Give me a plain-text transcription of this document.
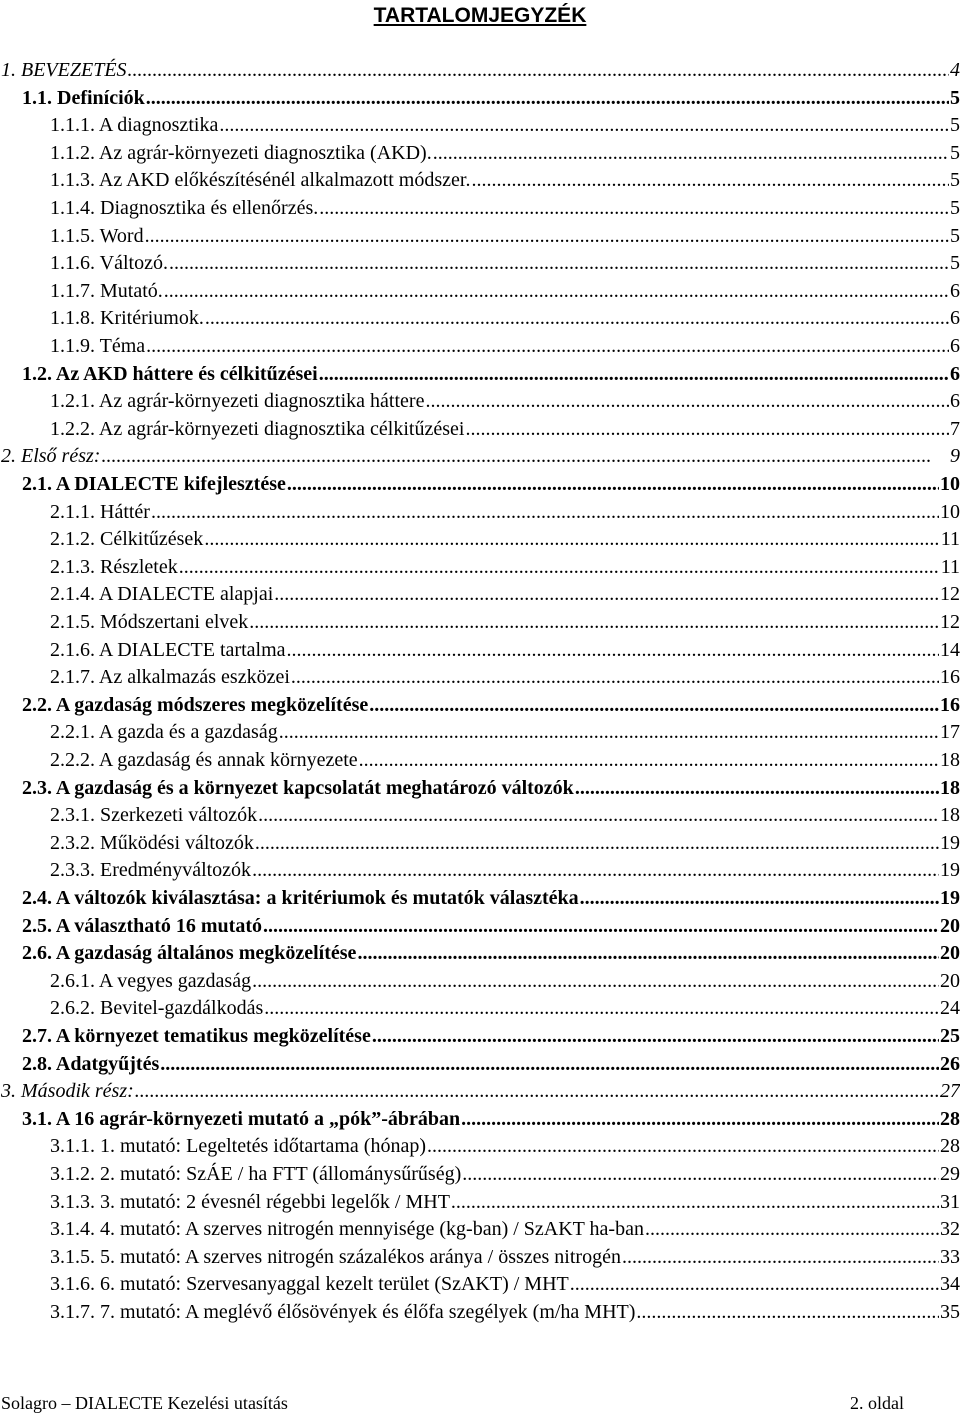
TARTALOMJEGYZÉK
1. BEVEZETÉS . . .	4
1.1. Definíciók . . .	5
1.1.1. A diagnosztika . . .	5
1.1.2. Az agrár-környezeti diagnosztika (AKD). . . .	5
1.1.3. Az AKD előkészítésénél alkalmazott módszer. . . .	5
1.1.4. Diagnosztika és ellenőrzés. . . .	5
1.1.5. Word . . .	5
1.1.6. Változó. . . .	5
1.1.7. Mutató. . . .	6
1.1.8. Kritériumok. . . .	6
1.1.9. Téma . . .	6
1.2. Az AKD háttere és célkitűzései . . .	6
1.2.1. Az agrár-környezeti diagnosztika háttere . . .	6
1.2.2. Az agrár-környezeti diagnosztika célkitűzései . . .	7
2. Első rész: . . .	9
2.1. A DIALECTE kifejlesztése . . .	10
2.1.1. Háttér . . .	10
2.1.2. Célkitűzések . . .	11
2.1.3. Részletek . . .	11
2.1.4. A DIALECTE alapjai . . .	12
2.1.5. Módszertani elvek . . .	12
2.1.6. A DIALECTE tartalma . . .	14
2.1.7. Az alkalmazás eszközei . . .	16
2.2. A gazdaság módszeres megközelítése . . .	16
2.2.1. A gazda és a gazdaság . . .	17
2.2.2. A gazdaság és annak környezete . . .	18
2.3. A gazdaság és a környezet kapcsolatát meghatározó változók . . .	18
2.3.1. Szerkezeti változók . . .	18
2.3.2. Működési változók . . .	19
2.3.3. Eredményváltozók . . .	19
2.4. A változók kiválasztása: a kritériumok és mutatók választéka . . .	19
2.5. A választható 16 mutató . . .	20
2.6. A gazdaság általános megközelítése . . .	20
2.6.1. A vegyes gazdaság . . .	20
2.6.2. Bevitel-gazdálkodás . . .	24
2.7. A környezet tematikus megközelítése . . .	25
2.8. Adatgyűjtés . . .	26
3. Második rész: . . .	27
3.1. A 16 agrár-környezeti mutató a „pók”-ábrában . . .	28
3.1.1. 1. mutató: Legeltetés időtartama (hónap) . . .	28
3.1.2. 2. mutató: SzÁE / ha FTT (állománysűrűség) . . .	29
3.1.3. 3. mutató: 2 évesnél régebbi legelők / MHT . . .	31
3.1.4. 4. mutató: A szerves nitrogén mennyisége (kg-ban) / SzAKT ha-ban . . .	32
3.1.5. 5. mutató: A szerves nitrogén százalékos aránya / összes nitrogén . . .	33
3.1.6. 6. mutató: Szervesanyaggal kezelt terület (SzAKT) / MHT . . .	34
3.1.7. 7. mutató: A meglévő élősövények és élőfa szegélyek (m/ha MHT) . . .	35
Solagro – DIALECTE Kezelési utasítás	2. oldal
